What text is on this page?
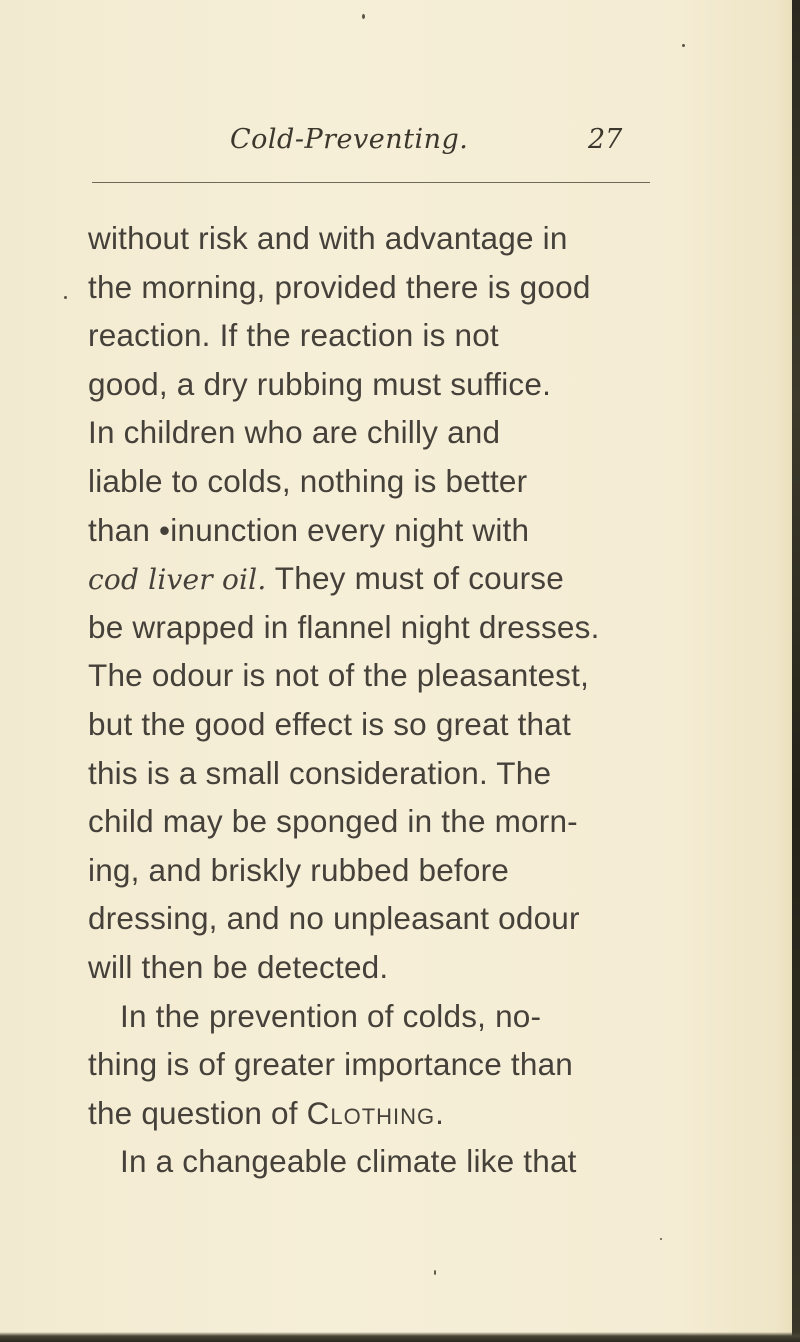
Cold-Preventing.	27
without risk and with advantage in
the morning, provided there is good
reaction. If the reaction is not
good, a dry rubbing must suffice.
In children who are chilly and
liable to colds, nothing is better
than •inunction every night with
cod liver oil. They must of course
be wrapped in flannel night dresses.
The odour is not of the pleasantest,
but the good effect is so great that
this is a small consideration. The
child may be sponged in the morn-
ing, and briskly rubbed before
dressing, and no unpleasant odour
will then be detected.
In the prevention of colds, no-
thing is of greater importance than
the question of Clothing.
In a changeable climate like that
